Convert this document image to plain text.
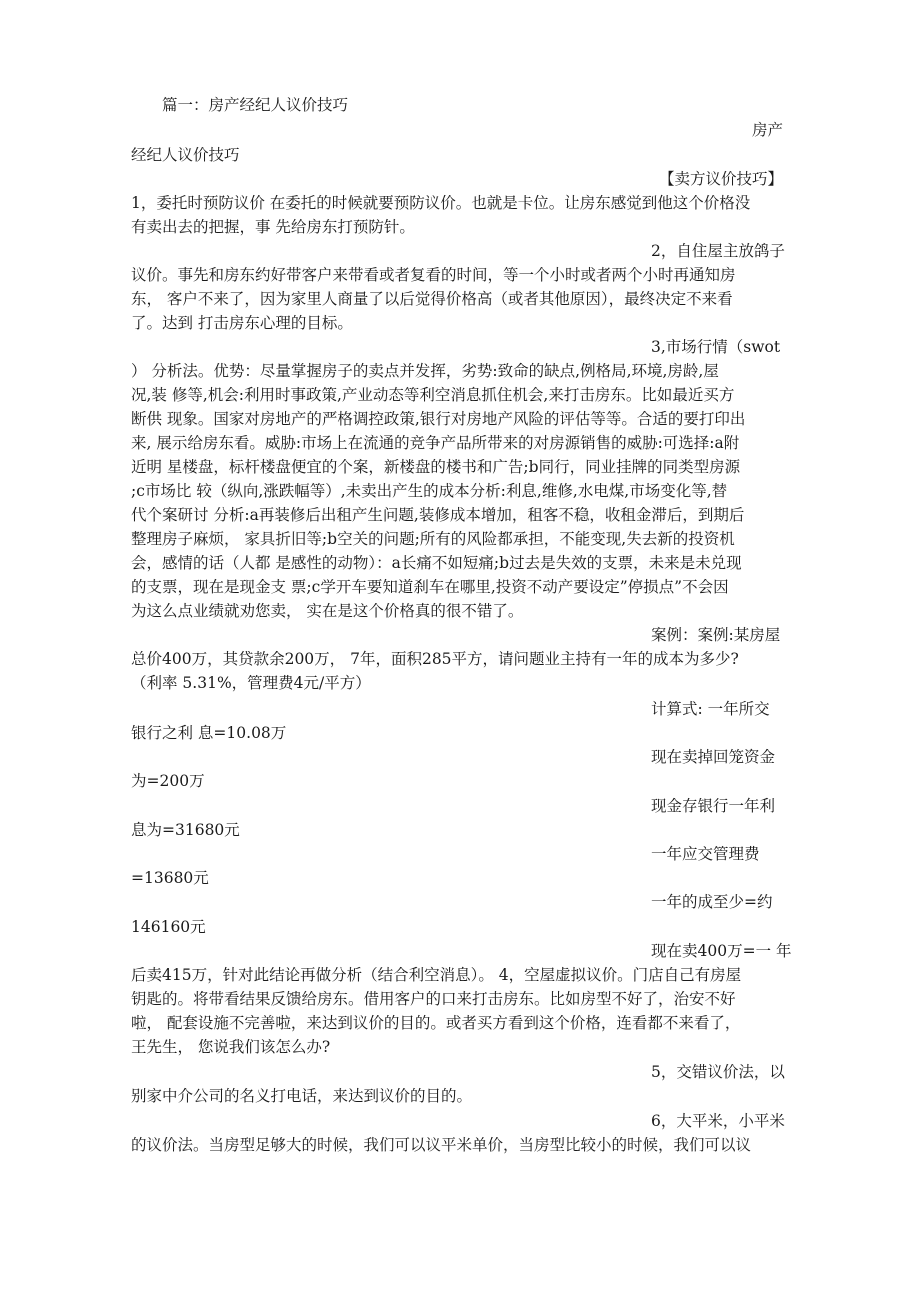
篇一：房产经纪人议价技巧
房产
经纪人议价技巧
【卖方议价技巧】
1，委托时预防议价 在委托的时候就要预防议价。也就是卡位。让房东感觉到他这个价格没
有卖出去的把握，事 先给房东打预防针。
2，自住屋主放鸽子
议价。事先和房东约好带客户来带看或者复看的时间，等一个小时或者两个小时再通知房
东， 客户不来了，因为家里人商量了以后觉得价格高（或者其他原因），最终决定不来看
了。达到 打击房东心理的目标。
3,市场行情（swot
） 分析法。优势：尽量掌握房子的卖点并发挥，劣势:致命的缺点,例格局,环境,房龄,屋
况,装 修等,机会:利用时事政策,产业动态等利空消息抓住机会,来打击房东。比如最近买方
断供 现象。国家对房地产的严格调控政策,银行对房地产风险的评估等等。合适的要打印出
来, 展示给房东看。威胁:市场上在流通的竞争产品所带来的对房源销售的威胁:可选择:a附
近明 星楼盘，标杆楼盘便宜的个案，新楼盘的楼书和广告;b同行，同业挂牌的同类型房源
;c市场比 较（纵向,涨跌幅等）,未卖出产生的成本分析:利息,维修,水电煤,市场变化等,替
代个案研讨 分析:a再装修后出租产生问题,装修成本增加，租客不稳，收租金滞后，到期后
整理房子麻烦， 家具折旧等;b空关的问题;所有的风险都承担，不能变现,失去新的投资机
会，感情的话（人都 是感性的动物）：a长痛不如短痛;b过去是失效的支票，未来是未兑现
的支票，现在是现金支 票;c学开车要知道刹车在哪里,投资不动产要设定”停损点”不会因
为这么点业绩就劝您卖， 实在是这个价格真的很不错了。
案例：案例:某房屋
总价400万，其贷款余200万， 7年，面积285平方，请问题业主持有一年的成本为多少?
（利率 5.31%，管理费4元/平方）
计算式: 一年所交
银行之利 息=10.08万
现在卖掉回笼资金
为=200万
现金存银行一年利
息为=31680元
一年应交管理费
=13680元
一年的成至少=约
146160元
现在卖400万=一 年
后卖415万，针对此结论再做分析（结合利空消息）。 4，空屋虚拟议价。门店自己有房屋
钥匙的。将带看结果反馈给房东。借用客户的口来打击房东。比如房型不好了，治安不好
啦， 配套设施不完善啦，来达到议价的目的。或者买方看到这个价格，连看都不来看了，
王先生， 您说我们该怎么办?
5，交错议价法，以
别家中介公司的名义打电话，来达到议价的目的。
6，大平米，小平米
的议价法。当房型足够大的时候，我们可以议平米单价，当房型比较小的时候，我们可以议
